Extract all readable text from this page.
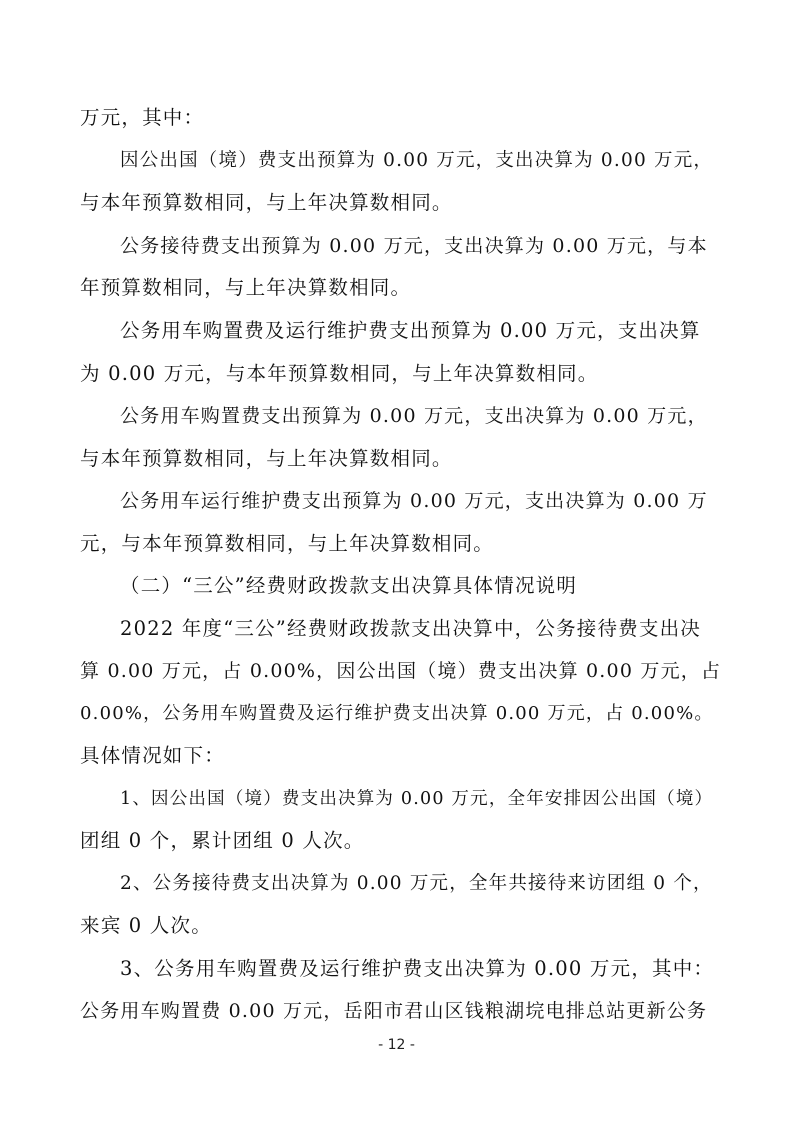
万元，其中：
因公出国（境）费支出预算为 0.00 万元，支出决算为 0.00 万元，
与本年预算数相同，与上年决算数相同。
公务接待费支出预算为 0.00 万元，支出决算为 0.00 万元，与本
年预算数相同，与上年决算数相同。
公务用车购置费及运行维护费支出预算为 0.00 万元，支出决算
为 0.00 万元，与本年预算数相同，与上年决算数相同。
公务用车购置费支出预算为 0.00 万元，支出决算为 0.00 万元，
与本年预算数相同，与上年决算数相同。
公务用车运行维护费支出预算为 0.00 万元，支出决算为 0.00 万
元，与本年预算数相同，与上年决算数相同。
（二）“三公”经费财政拨款支出决算具体情况说明
2022 年度“三公”经费财政拨款支出决算中，公务接待费支出决
算 0.00 万元，占 0.00%，因公出国（境）费支出决算 0.00 万元，占
0.00%，公务用车购置费及运行维护费支出决算 0.00 万元，占 0.00%。
具体情况如下：
1、因公出国（境）费支出决算为 0.00 万元，全年安排因公出国（境）
团组 0 个，累计团组 0 人次。
2、公务接待费支出决算为 0.00 万元，全年共接待来访团组 0 个，
来宾 0 人次。
3、公务用车购置费及运行维护费支出决算为 0.00 万元，其中：
公务用车购置费 0.00 万元，岳阳市君山区钱粮湖垸电排总站更新公务
- 12 -
